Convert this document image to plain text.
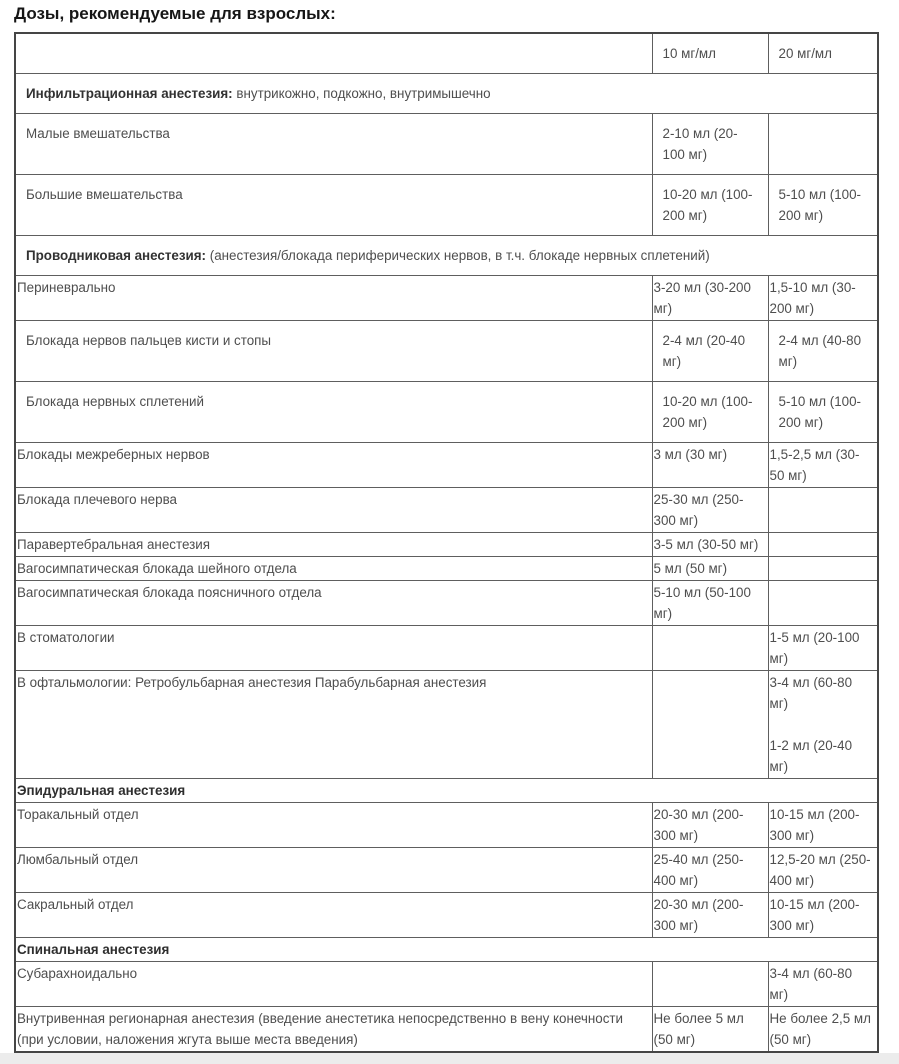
Дозы, рекомендуемые для взрослых:
	10 мг/мл	20 мг/мл
Инфильтрационная анестезия: внутрикожно, подкожно, внутримышечно		
Малые вмешательства	2-10 мл (20-100 мг)	
Большие вмешательства	10-20 мл (100-200 мг)	5-10 мл (100-200 мг)
Проводниковая анестезия: (анестезия/блокада периферических нервов, в т.ч. блокаде нервных сплетений)		
Периневрально	3-20 мл (30-200 мг)	1,5-10 мл (30-200 мг)
Блокада нервов пальцев кисти и стопы	2-4 мл (20-40 мг)	2-4 мл (40-80 мг)
Блокада нервных сплетений	10-20 мл (100-200 мг)	5-10 мл (100-200 мг)
Блокады межреберных нервов	3 мл (30 мг)	1,5-2,5 мл (30-50 мг)
Блокада плечевого нерва	25-30 мл (250-300 мг)	
Паравертебральная анестезия	3-5 мл (30-50 мг)	
Вагосимпатическая блокада шейного отдела	5 мл (50 мг)	
Вагосимпатическая блокада поясничного отдела	5-10 мл (50-100 мг)	
В стоматологии		1-5 мл (20-100 мг)
В офтальмологии: Ретробульбарная анестезия Парабульбарная анестезия		3-4 мл (60-80 мг)

1-2 мл (20-40 мг)

Эпидуральная анестезия		
Торакальный отдел	20-30 мл (200-300 мг)	10-15 мл (200-300 мг)
Люмбальный отдел	25-40 мл (250-400 мг)	12,5-20 мл (250-400 мг)
Сакральный отдел	20-30 мл (200-300 мг)	10-15 мл (200-300 мг)
Спинальная анестезия		
Субарахноидально		3-4 мл (60-80 мг)
Внутривенная регионарная анестезия (введение анестетика непосредственно в вену конечности (при условии, наложения жгута выше места введения)	Не более 5 мл (50 мг)	Не более 2,5 мл (50 мг)
